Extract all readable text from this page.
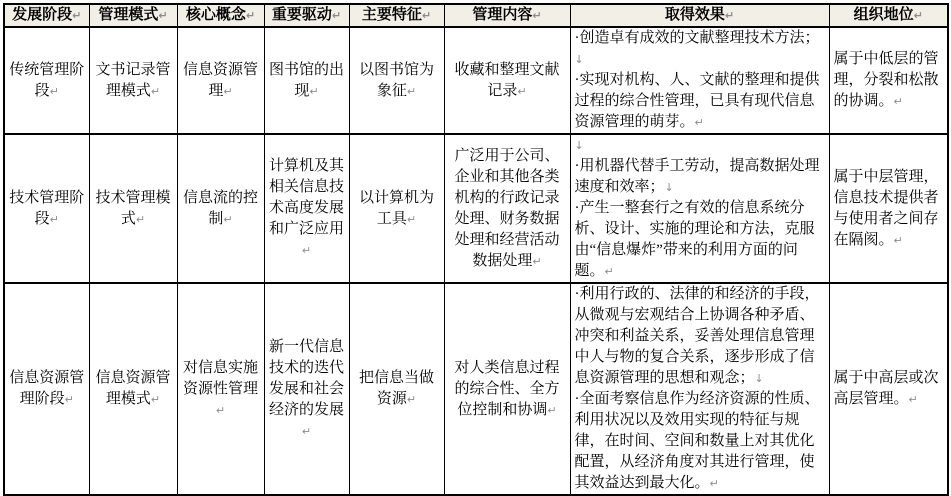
发展阶段↵	管理模式↵	核心概念↵	重要驱动↵	主要特征↵	管理内容↵	取得效果↵	组织地位↵
传统管理阶段↵	文书记录管理模式↵	信息资源管理↵	图书馆的出现↵	以图书馆为象征↵	收藏和整理文献记录↵	·创造卓有成效的文献整理技术方法；↓
·实现对机构、人、文献的整理和提供过程的综合性管理，已具有现代信息资源管理的萌芽。↵	属于中低层的管理，分裂和松散的协调。↵
技术管理阶段↵	技术管理模式↵	信息流的控制↵	计算机及其相关信息技术高度发展和广泛应用↵	以计算机为工具↵	广泛用于公司、企业和其他各类机构的行政记录处理、财务数据处理和经营活动数据处理↵	↓
·用机器代替手工劳动，提高数据处理速度和效率；↓
·产生一整套行之有效的信息系统分析、设计、实施的理论和方法，克服由“信息爆炸”带来的利用方面的问题。↵	属于中层管理，信息技术提供者与使用者之间存在隔阂。↵
信息资源管理阶段↵	信息资源管理模式↵	对信息实施资源性管理↵	新一代信息技术的迭代发展和社会经济的发展↵	把信息当做资源↵	对人类信息过程的综合性、全方位控制和协调↵	·利用行政的、法律的和经济的手段，从微观与宏观结合上协调各种矛盾、冲突和利益关系，妥善处理信息管理中人与物的复合关系，逐步形成了信息资源管理的思想和观念；↓
·全面考察信息作为经济资源的性质、利用状况以及效用实现的特征与规律，在时间、空间和数量上对其优化配置，从经济角度对其进行管理，使其效益达到最大化。↵	属于中高层或次高层管理。↵
